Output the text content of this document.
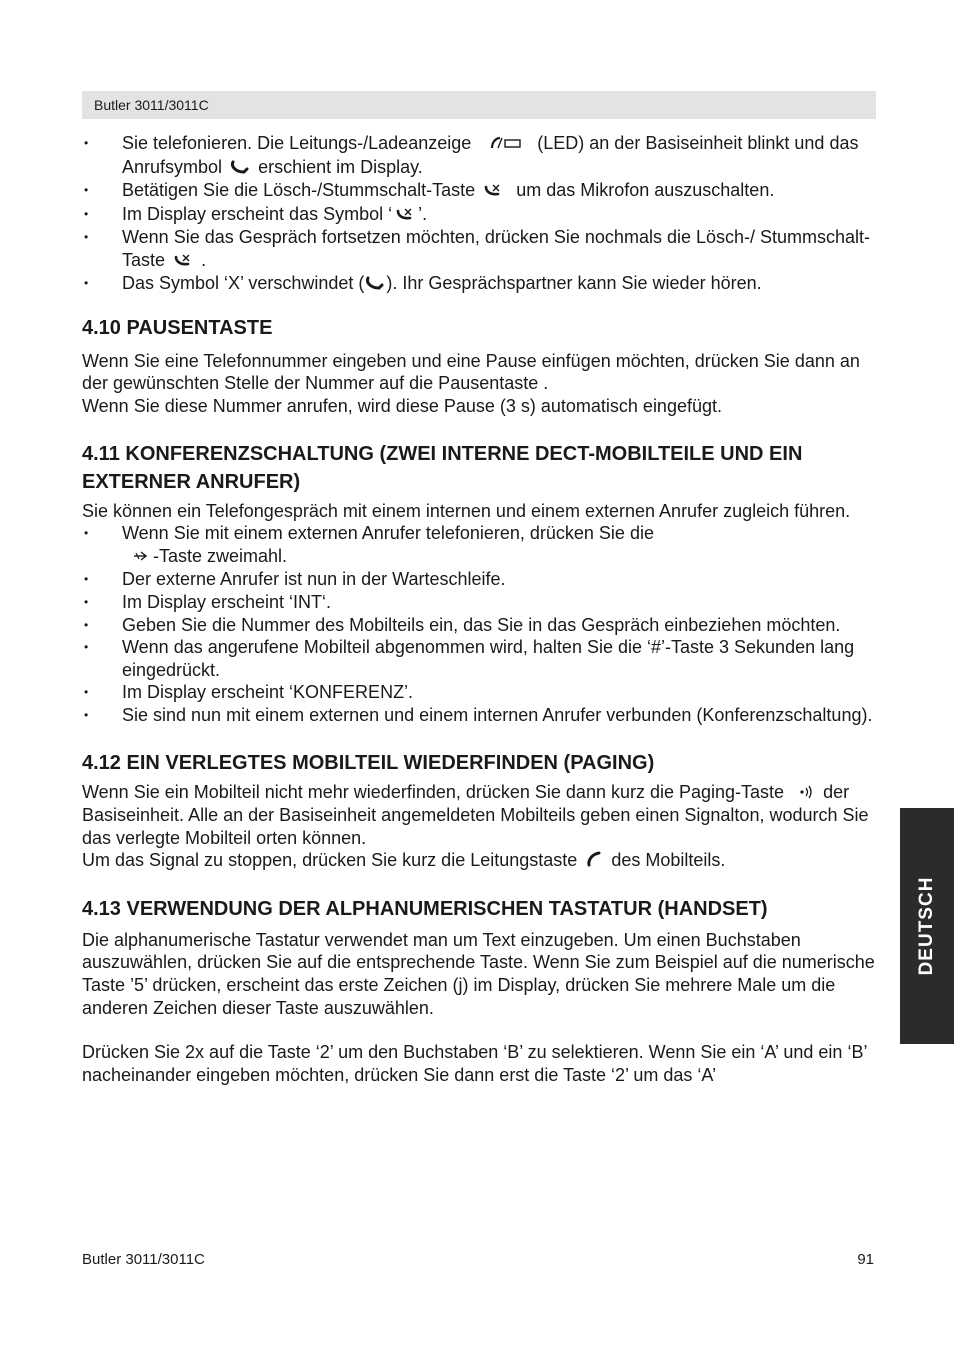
Butler 3011/3011C
• Sie telefonieren. Die Leitungs-/Ladeanzeige	(LED) an der Basiseinheit blinkt und das Anrufsymbol erschient im Display.
• Betätigen Sie die Lösch-/Stummschalt-Taste um das Mikrofon auszuschalten.
• Im Display erscheint das Symbol ‘ ’.
• Wenn Sie das Gespräch fortsetzen möchten, drücken Sie nochmals die Lösch-/ Stummschalt-Taste .
• Das Symbol ‘X’ verschwindet ( ). Ihr Gesprächspartner kann Sie wieder hören.
4.10 PAUSENTASTE

Wenn Sie eine Telefonnummer eingeben und eine Pause einfügen möchten, drücken Sie dann an der gewünschten Stelle der Nummer auf die Pausentaste .

Wenn Sie diese Nummer anrufen, wird diese Pause (3 s) automatisch eingefügt.

4.11 KONFERENZSCHALTUNG (ZWEI INTERNE DECT-MOBILTEILE UND EIN EXTERNER ANRUFER)

Sie können ein Telefongespräch mit einem internen und einem externen Anrufer zugleich führen.

• Wenn Sie mit einem externen Anrufer telefonieren, drücken Sie die
-Taste zweimahl.
• Der externe Anrufer ist nun in der Warteschleife.
• Im Display erscheint ‘INT‘.
• Geben Sie die Nummer des Mobilteils ein, das Sie in das Gespräch einbeziehen möchten.
• Wenn das angerufene Mobilteil abgenommen wird, halten Sie die ‘#’-Taste 3 Sekunden lang eingedrückt.
• Im Display erscheint ‘KONFERENZ’.
• Sie sind nun mit einem externen und einem internen Anrufer verbunden (Konferenzschaltung).
4.12 EIN VERLEGTES MOBILTEIL WIEDERFINDEN (PAGING)

Wenn Sie ein Mobilteil nicht mehr wiederfinden, drücken Sie dann kurz die Paging-Taste der Basiseinheit. Alle an der Basiseinheit angemeldeten Mobilteils geben einen Signalton, wodurch Sie das verlegte Mobilteil orten können.

Um das Signal zu stoppen, drücken Sie kurz die Leitungstaste des Mobilteils.

4.13 VERWENDUNG DER ALPHANUMERISCHEN TASTATUR (HANDSET)

Die alphanumerische Tastatur verwendet man um Text einzugeben. Um einen Buchstaben auszuwählen, drücken Sie auf die entsprechende Taste. Wenn Sie zum Beispiel auf die numerische Taste ’5’ drücken, erscheint das erste Zeichen (j) im Display, drücken Sie mehrere Male um die anderen Zeichen dieser Taste auszuwählen.

Drücken Sie 2x auf die Taste ‘2’ um den Buchstaben ‘B’ zu selektieren. Wenn Sie ein ‘A’ und ein ‘B’ nacheinander eingeben möchten, drücken Sie dann erst die Taste ‘2’ um das ‘A’

DEUTSCH
Butler 3011/3011C	91
